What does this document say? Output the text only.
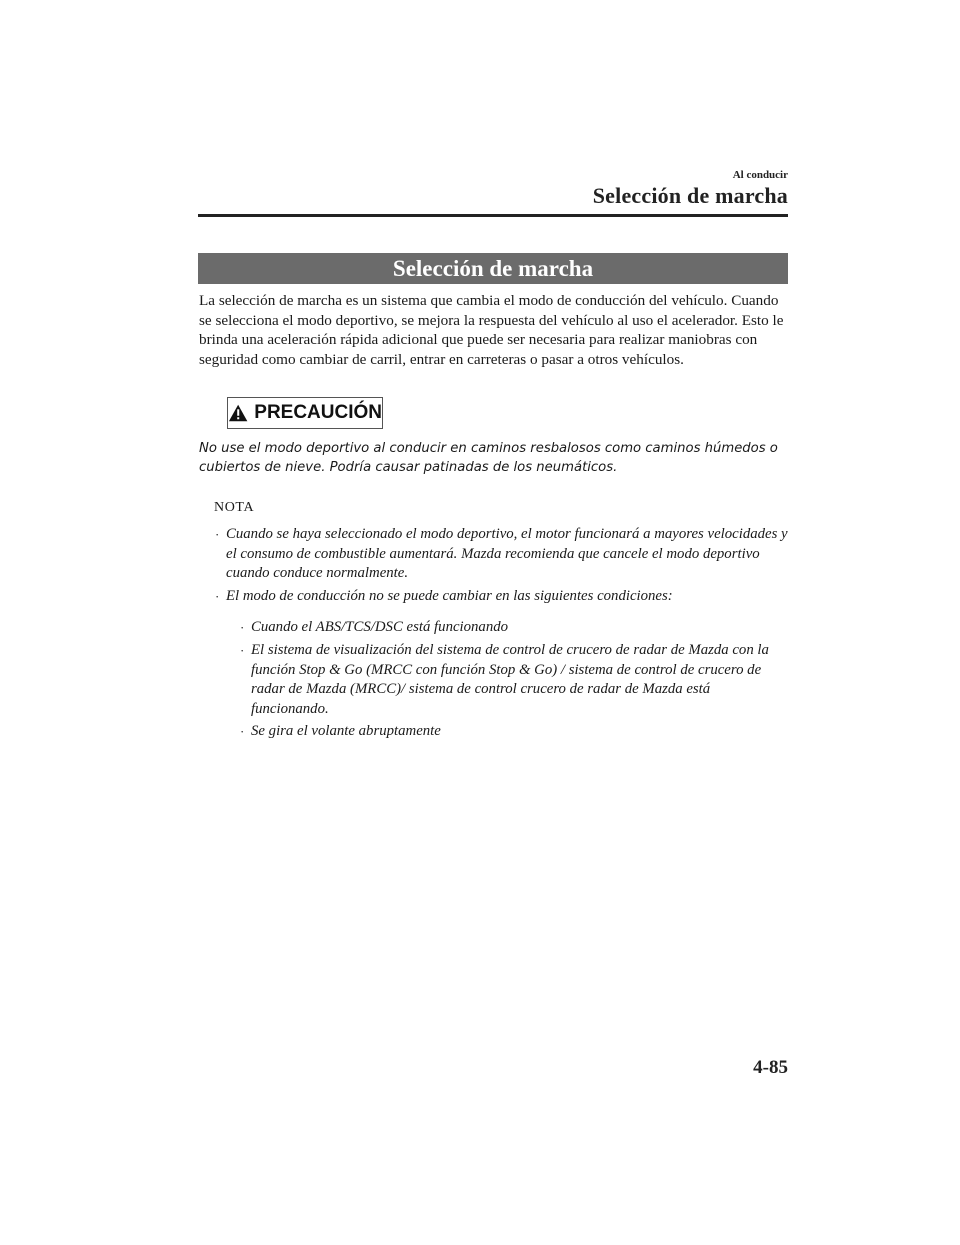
Al conducir
Selección de marcha
Selección de marcha

La selección de marcha es un sistema que cambia el modo de conducción del vehículo. Cuando se selecciona el modo deportivo, se mejora la respuesta del vehículo al uso el acelerador. Esto le brinda una aceleración rápida adicional que puede ser necesaria para realizar maniobras con seguridad como cambiar de carril, entrar en carreteras o pasar a otros vehículos.

PRECAUCIÓN

No use el modo deportivo al conducir en caminos resbalosos como caminos húmedos o cubiertos de nieve. Podría causar patinadas de los neumáticos.

NOTA
· Cuando se haya seleccionado el modo deportivo, el motor funcionará a mayores velocidades y el consumo de combustible aumentará. Mazda recomienda que cancele el modo deportivo cuando conduce normalmente.
· El modo de conducción no se puede cambiar en las siguientes condiciones:
· Cuando el ABS/TCS/DSC está funcionando
· El sistema de visualización del sistema de control de crucero de radar de Mazda con la función Stop & Go (MRCC con función Stop & Go) / sistema de control de crucero de radar de Mazda (MRCC)/ sistema de control crucero de radar de Mazda está funcionando.
· Se gira el volante abruptamente
4-85
